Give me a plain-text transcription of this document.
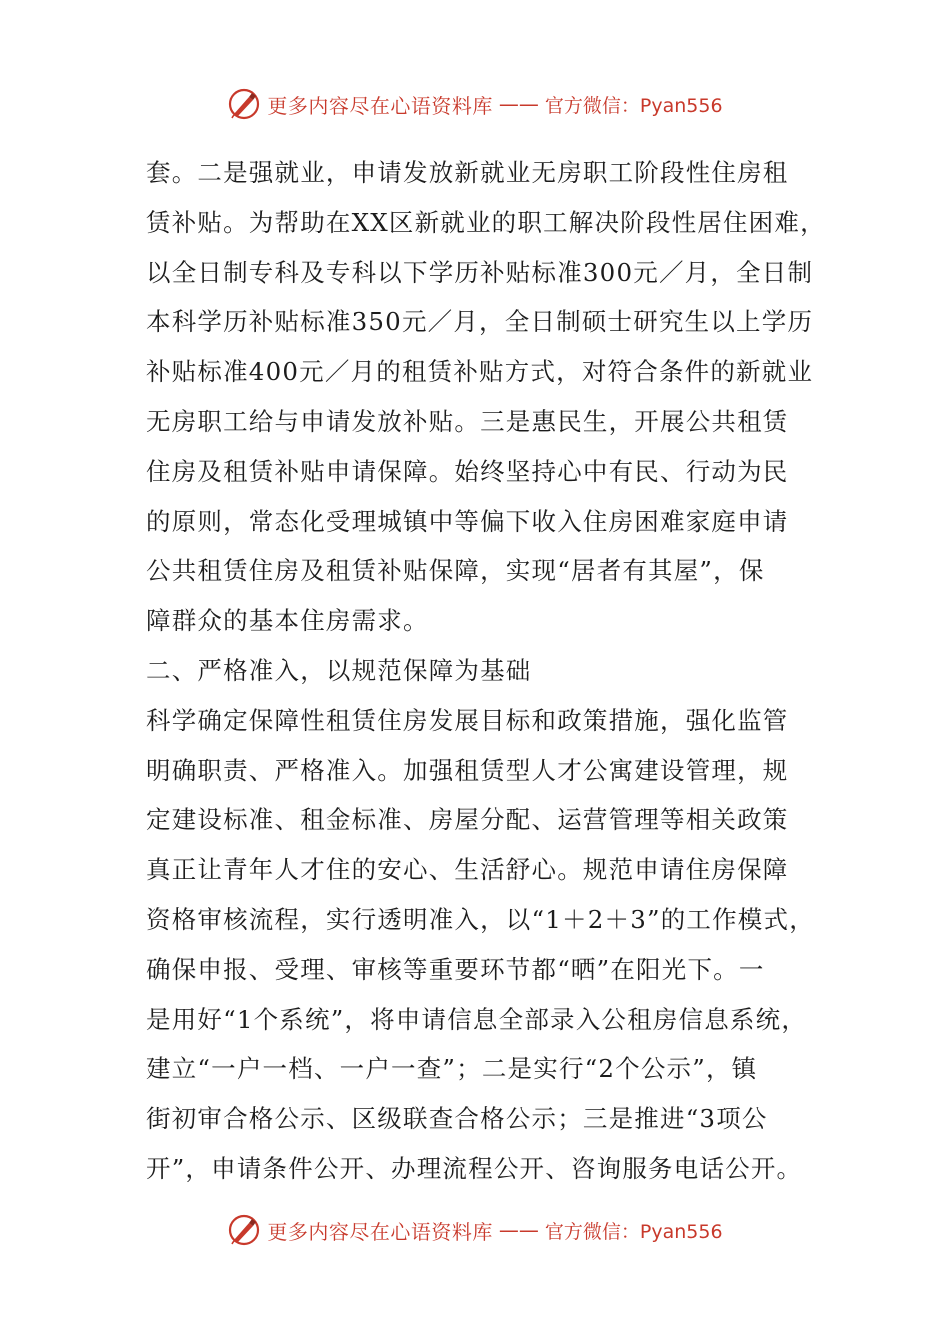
更多内容尽在心语资料库 —— 官方微信：Pyan556
套。二是强就业，申请发放新就业无房职工阶段性住房租
赁补贴。为帮助在XX区新就业的职工解决阶段性居住困难，
以全日制专科及专科以下学历补贴标准300元／月，全日制
本科学历补贴标准350元／月，全日制硕士研究生以上学历
补贴标准400元／月的租赁补贴方式，对符合条件的新就业
无房职工给与申请发放补贴。三是惠民生，开展公共租赁
住房及租赁补贴申请保障。始终坚持心中有民、行动为民
的原则，常态化受理城镇中等偏下收入住房困难家庭申请
公共租赁住房及租赁补贴保障，实现“居者有其屋”，保
障群众的基本住房需求。
二、严格准入，以规范保障为基础
科学确定保障性租赁住房发展目标和政策措施，强化监管
明确职责、严格准入。加强租赁型人才公寓建设管理，规
定建设标准、租金标准、房屋分配、运营管理等相关政策
真正让青年人才住的安心、生活舒心。规范申请住房保障
资格审核流程，实行透明准入，以“1＋2＋3”的工作模式，
确保申报、受理、审核等重要环节都“晒”在阳光下。一
是用好“1个系统”，将申请信息全部录入公租房信息系统，
建立“一户一档、一户一查”；二是实行“2个公示”，镇
街初审合格公示、区级联查合格公示；三是推进“3项公
开”，申请条件公开、办理流程公开、咨询服务电话公开。
更多内容尽在心语资料库 —— 官方微信：Pyan556
